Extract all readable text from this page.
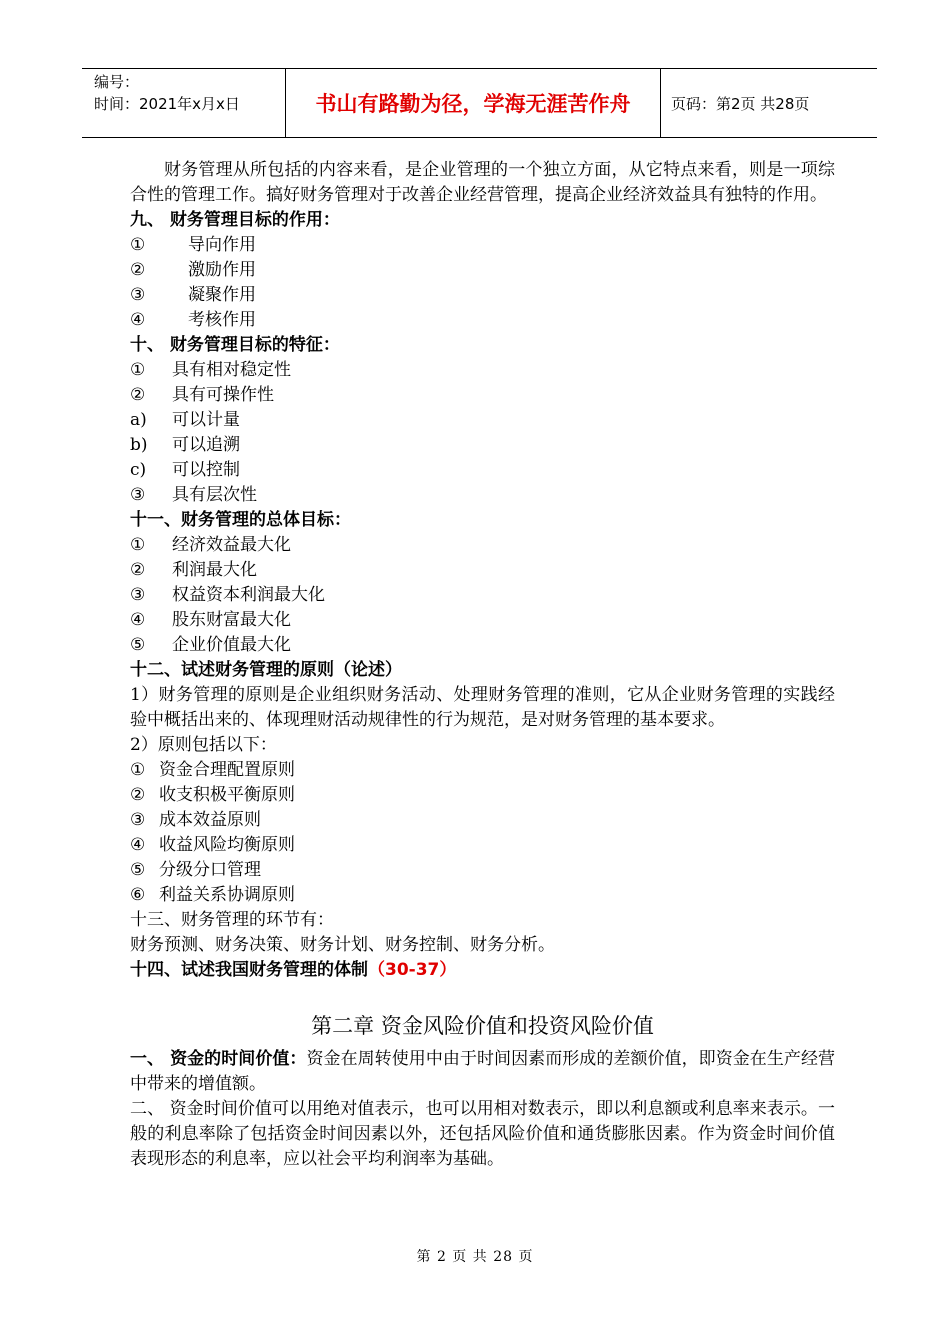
编号：
时间：2021年x月x日	书山有路勤为径，学海无涯苦作舟	页码：第2页 共28页
财务管理从所包括的内容来看，是企业管理的一个独立方面，从它特点来看，则是一项综合性的管理工作。搞好财务管理对于改善企业经营管理，提高企业经济效益具有独特的作用。
九、 财务管理目标的作用：
①	导向作用
②	激励作用
③	凝聚作用
④	考核作用
十、 财务管理目标的特征：
①	具有相对稳定性
②	具有可操作性
a)	可以计量
b)	可以追溯
c)	可以控制
③	具有层次性
十一、财务管理的总体目标：
①	经济效益最大化
②	利润最大化
③	权益资本利润最大化
④	股东财富最大化
⑤	企业价值最大化
十二、试述财务管理的原则（论述）
1）财务管理的原则是企业组织财务活动、处理财务管理的准则，它从企业财务管理的实践经验中概括出来的、体现理财活动规律性的行为规范，是对财务管理的基本要求。
2）原则包括以下：
① 资金合理配置原则
② 收支积极平衡原则
③ 成本效益原则
④ 收益风险均衡原则
⑤ 分级分口管理
⑥ 利益关系协调原则
十三、财务管理的环节有：
财务预测、财务决策、财务计划、财务控制、财务分析。
十四、试述我国财务管理的体制（30-37）
第二章 资金风险价值和投资风险价值
一、 资金的时间价值：资金在周转使用中由于时间因素而形成的差额价值，即资金在生产经营中带来的增值额。
二、 资金时间价值可以用绝对值表示，也可以用相对数表示，即以利息额或利息率来表示。一般的利息率除了包括资金时间因素以外，还包括风险价值和通货膨胀因素。作为资金时间价值表现形态的利息率，应以社会平均利润率为基础。
第 2 页 共 28 页
